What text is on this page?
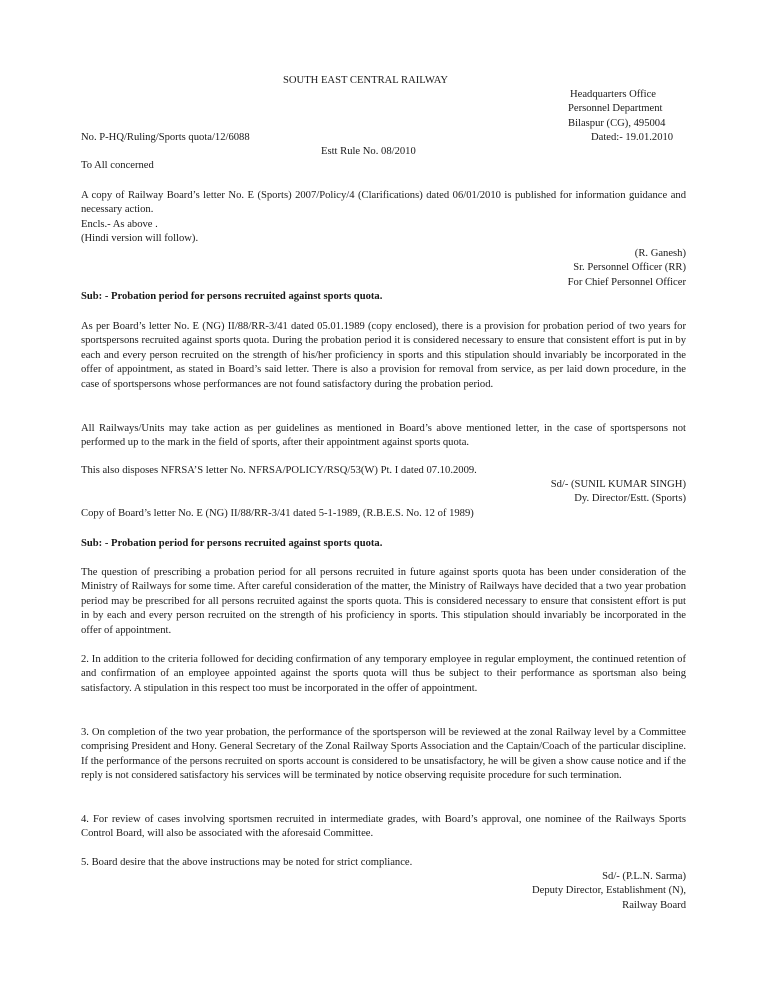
SOUTH EAST CENTRAL RAILWAY
Headquarters Office
Personnel Department
Bilaspur (CG), 495004
No. P-HQ/Ruling/Sports quota/12/6088	Dated:- 19.01.2010
Estt Rule No. 08/2010
To All concerned
A copy of Railway Board’s letter No. E (Sports) 2007/Policy/4 (Clarifications) dated 06/01/2010 is published for information guidance and necessary action.
Encls.- As above .
(Hindi version will follow).
(R. Ganesh)
Sr. Personnel Officer (RR)
For Chief Personnel Officer
Sub: - Probation period for persons recruited against sports quota.
As per Board’s letter No. E (NG) II/88/RR-3/41 dated 05.01.1989 (copy enclosed), there is a provision for probation period of two years for sportspersons recruited against sports quota. During the probation period it is considered necessary to ensure that consistent effort is put in by each and every person recruited on the strength of his/her proficiency in sports and this stipulation should invariably be incorporated in the offer of appointment, as stated in Board’s said letter. There is also a provision for removal from service, as per laid down procedure, in the case of sportspersons whose performances are not found satisfactory during the probation period.
All Railways/Units may take action as per guidelines as mentioned in Board’s above mentioned letter, in the case of sportspersons not performed up to the mark in the field of sports, after their appointment against sports quota.
This also disposes NFRSA’S letter No. NFRSA/POLICY/RSQ/53(W) Pt. I dated 07.10.2009.
Sd/- (SUNIL KUMAR SINGH)
Dy. Director/Estt. (Sports)
Copy of Board’s letter No. E (NG) II/88/RR-3/41 dated 5-1-1989, (R.B.E.S. No. 12 of 1989)
Sub: - Probation period for persons recruited against sports quota.
The question of prescribing a probation period for all persons recruited in future against sports quota has been under consideration of the Ministry of Railways for some time. After careful consideration of the matter, the Ministry of Railways have decided that a two year probation period may be prescribed for all persons recruited against the sports quota. This is considered necessary to ensure that consistent effort is put in by each and every person recruited on the strength of his proficiency in sports. This stipulation should invariably be incorporated in the offer of appointment.
2. In addition to the criteria followed for deciding confirmation of any temporary employee in regular employment, the continued retention of and confirmation of an employee appointed against the sports quota will thus be subject to their performance as sportsman also being satisfactory. A stipulation in this respect too must be incorporated in the offer of appointment.
3. On completion of the two year probation, the performance of the sportsperson will be reviewed at the zonal Railway level by a Committee comprising President and Hony. General Secretary of the Zonal Railway Sports Association and the Captain/Coach of the particular discipline. If the performance of the persons recruited on sports account is considered to be unsatisfactory, he will be given a show cause notice and if the reply is not considered satisfactory his services will be terminated by notice observing requisite procedure for such termination.
4. For review of cases involving sportsmen recruited in intermediate grades, with Board’s approval, one nominee of the Railways Sports Control Board, will also be associated with the aforesaid Committee.
5. Board desire that the above instructions may be noted for strict compliance.
Sd/- (P.L.N. Sarma)
Deputy Director, Establishment (N),
Railway Board
